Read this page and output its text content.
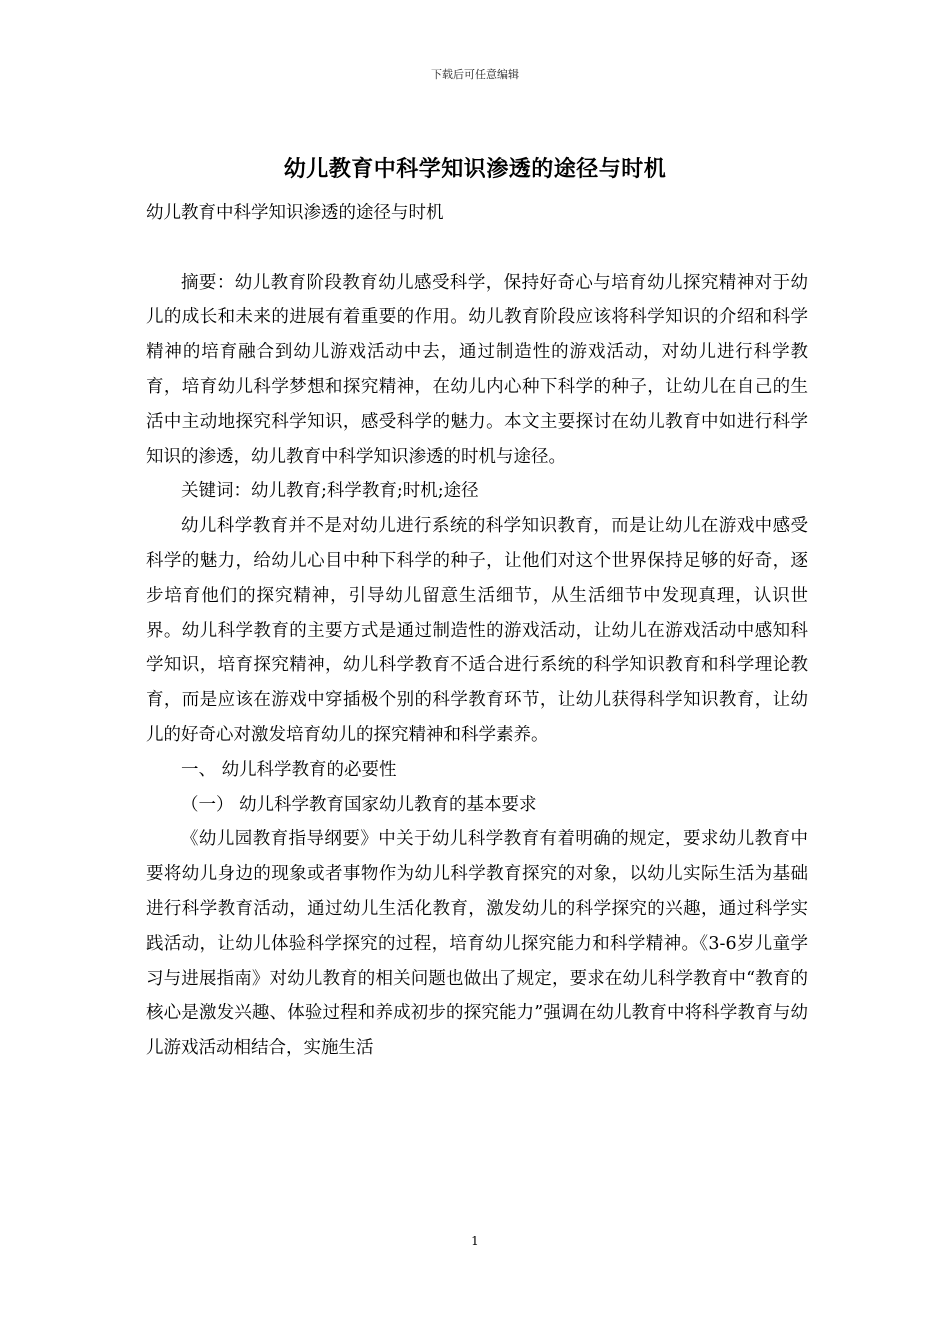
下载后可任意编辑
幼儿教育中科学知识渗透的途径与时机

幼儿教育中科学知识渗透的途径与时机

摘要：幼儿教育阶段教育幼儿感受科学，保持好奇心与培育幼儿探究精神对于幼儿的成长和未来的进展有着重要的作用。幼儿教育阶段应该将科学知识的介绍和科学精神的培育融合到幼儿游戏活动中去，通过制造性的游戏活动，对幼儿进行科学教育，培育幼儿科学梦想和探究精神，在幼儿内心种下科学的种子，让幼儿在自己的生活中主动地探究科学知识，感受科学的魅力。本文主要探讨在幼儿教育中如进行科学知识的渗透，幼儿教育中科学知识渗透的时机与途径。

关键词：幼儿教育;科学教育;时机;途径

幼儿科学教育并不是对幼儿进行系统的科学知识教育，而是让幼儿在游戏中感受科学的魅力，给幼儿心目中种下科学的种子，让他们对这个世界保持足够的好奇，逐步培育他们的探究精神，引导幼儿留意生活细节，从生活细节中发现真理，认识世界。幼儿科学教育的主要方式是通过制造性的游戏活动，让幼儿在游戏活动中感知科学知识，培育探究精神，幼儿科学教育不适合进行系统的科学知识教育和科学理论教育，而是应该在游戏中穿插极个别的科学教育环节，让幼儿获得科学知识教育，让幼儿的好奇心对激发培育幼儿的探究精神和科学素养。

一、 幼儿科学教育的必要性

（一） 幼儿科学教育国家幼儿教育的基本要求

《幼儿园教育指导纲要》中关于幼儿科学教育有着明确的规定，要求幼儿教育中要将幼儿身边的现象或者事物作为幼儿科学教育探究的对象，以幼儿实际生活为基础进行科学教育活动，通过幼儿生活化教育，激发幼儿的科学探究的兴趣，通过科学实践活动，让幼儿体验科学探究的过程，培育幼儿探究能力和科学精神。《3-6岁儿童学习与进展指南》对幼儿教育的相关问题也做出了规定，要求在幼儿科学教育中“教育的核心是激发兴趣、体验过程和养成初步的探究能力”强调在幼儿教育中将科学教育与幼儿游戏活动相结合，实施生活

1
